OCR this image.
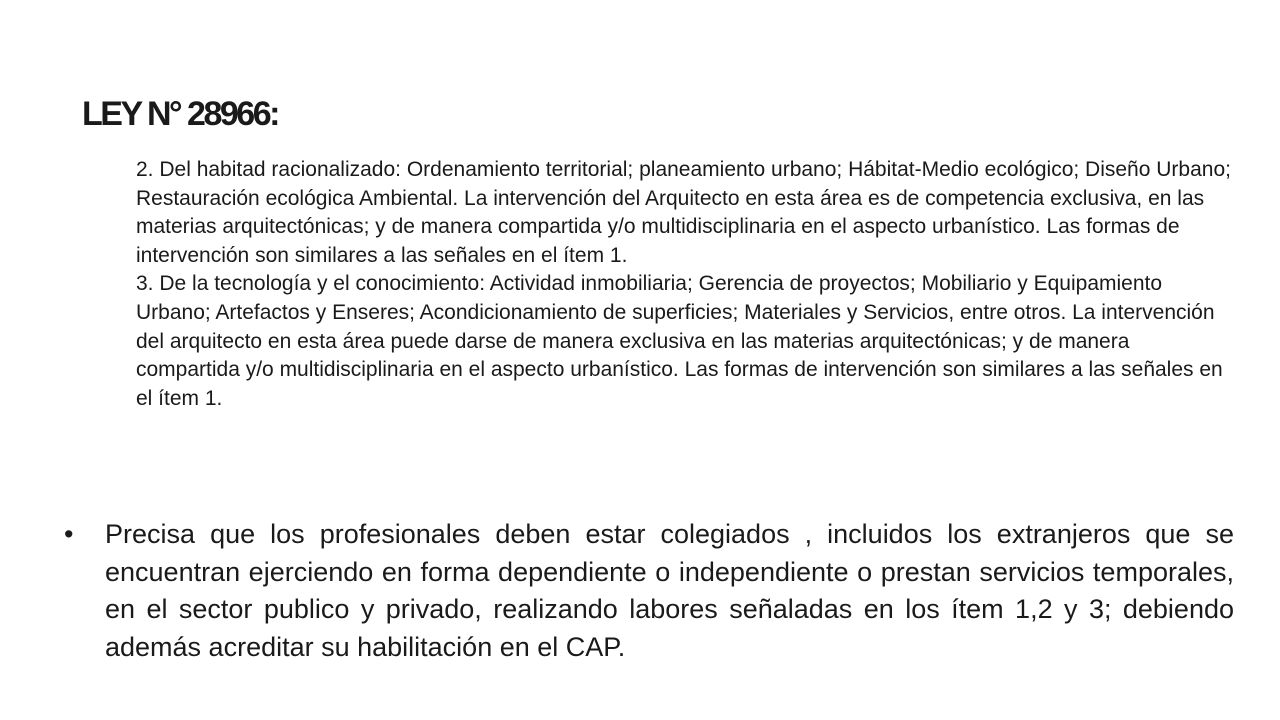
LEY N° 28966:

2. Del habitad racionalizado: Ordenamiento territorial; planeamiento urbano; Hábitat-Medio ecológico; Diseño Urbano; Restauración ecológica Ambiental. La intervención del Arquitecto en esta área es de competencia exclusiva, en las materias arquitectónicas; y de manera compartida y/o multidisciplinaria en el aspecto urbanístico. Las formas de intervención son similares a las señales en el ítem 1.

3. De la tecnología y el conocimiento: Actividad inmobiliaria; Gerencia de proyectos; Mobiliario y Equipamiento Urbano; Artefactos y Enseres; Acondicionamiento de superficies; Materiales y Servicios, entre otros. La intervención del arquitecto en esta área puede darse de manera exclusiva en las materias arquitectónicas; y de manera compartida y/o multidisciplinaria en el aspecto urbanístico. Las formas de intervención son similares a las señales en el ítem 1.

•	Precisa que los profesionales deben estar colegiados , incluidos los extranjeros que se encuentran ejerciendo en forma dependiente o independiente o prestan servicios temporales, en el sector publico y privado, realizando labores señaladas en los ítem 1,2 y 3; debiendo además acreditar su habilitación en el CAP.
